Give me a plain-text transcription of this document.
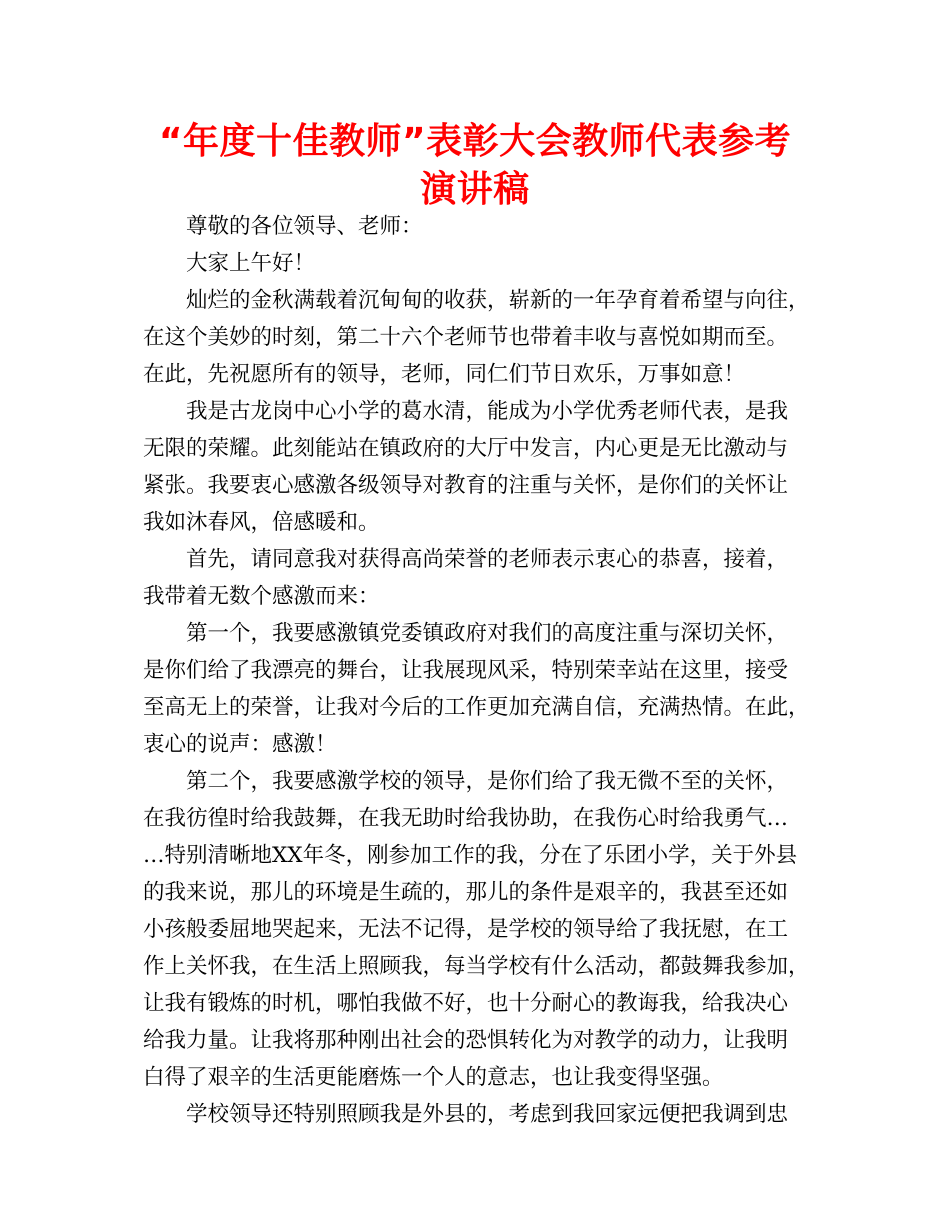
“年度十佳教师”表彰大会教师代表参考
演讲稿
尊敬的各位领导、老师：
大家上午好！
灿烂的金秋满载着沉甸甸的收获，崭新的一年孕育着希望与向往，
在这个美妙的时刻，第二十六个老师节也带着丰收与喜悦如期而至。
在此，先祝愿所有的领导，老师，同仁们节日欢乐，万事如意！
我是古龙岗中心小学的葛水清，能成为小学优秀老师代表，是我
无限的荣耀。此刻能站在镇政府的大厅中发言，内心更是无比激动与
紧张。我要衷心感激各级领导对教育的注重与关怀，是你们的关怀让
我如沐春风，倍感暖和。
首先，请同意我对获得高尚荣誉的老师表示衷心的恭喜，接着，
我带着无数个感激而来：
第一个，我要感激镇党委镇政府对我们的高度注重与深切关怀，
是你们给了我漂亮的舞台，让我展现风采，特别荣幸站在这里，接受
至高无上的荣誉，让我对今后的工作更加充满自信，充满热情。在此，
衷心的说声：感激！
第二个，我要感激学校的领导，是你们给了我无微不至的关怀，
在我彷徨时给我鼓舞，在我无助时给我协助，在我伤心时给我勇气…
…特别清晰地XX年冬，刚参加工作的我，分在了乐团小学，关于外县
的我来说，那儿的环境是生疏的，那儿的条件是艰辛的，我甚至还如
小孩般委屈地哭起来，无法不记得，是学校的领导给了我抚慰，在工
作上关怀我，在生活上照顾我，每当学校有什么活动，都鼓舞我参加，
让我有锻炼的时机，哪怕我做不好，也十分耐心的教诲我，给我决心
给我力量。让我将那种刚出社会的恐惧转化为对教学的动力，让我明
白得了艰辛的生活更能磨炼一个人的意志，也让我变得坚强。
学校领导还特别照顾我是外县的，考虑到我回家远便把我调到忠
